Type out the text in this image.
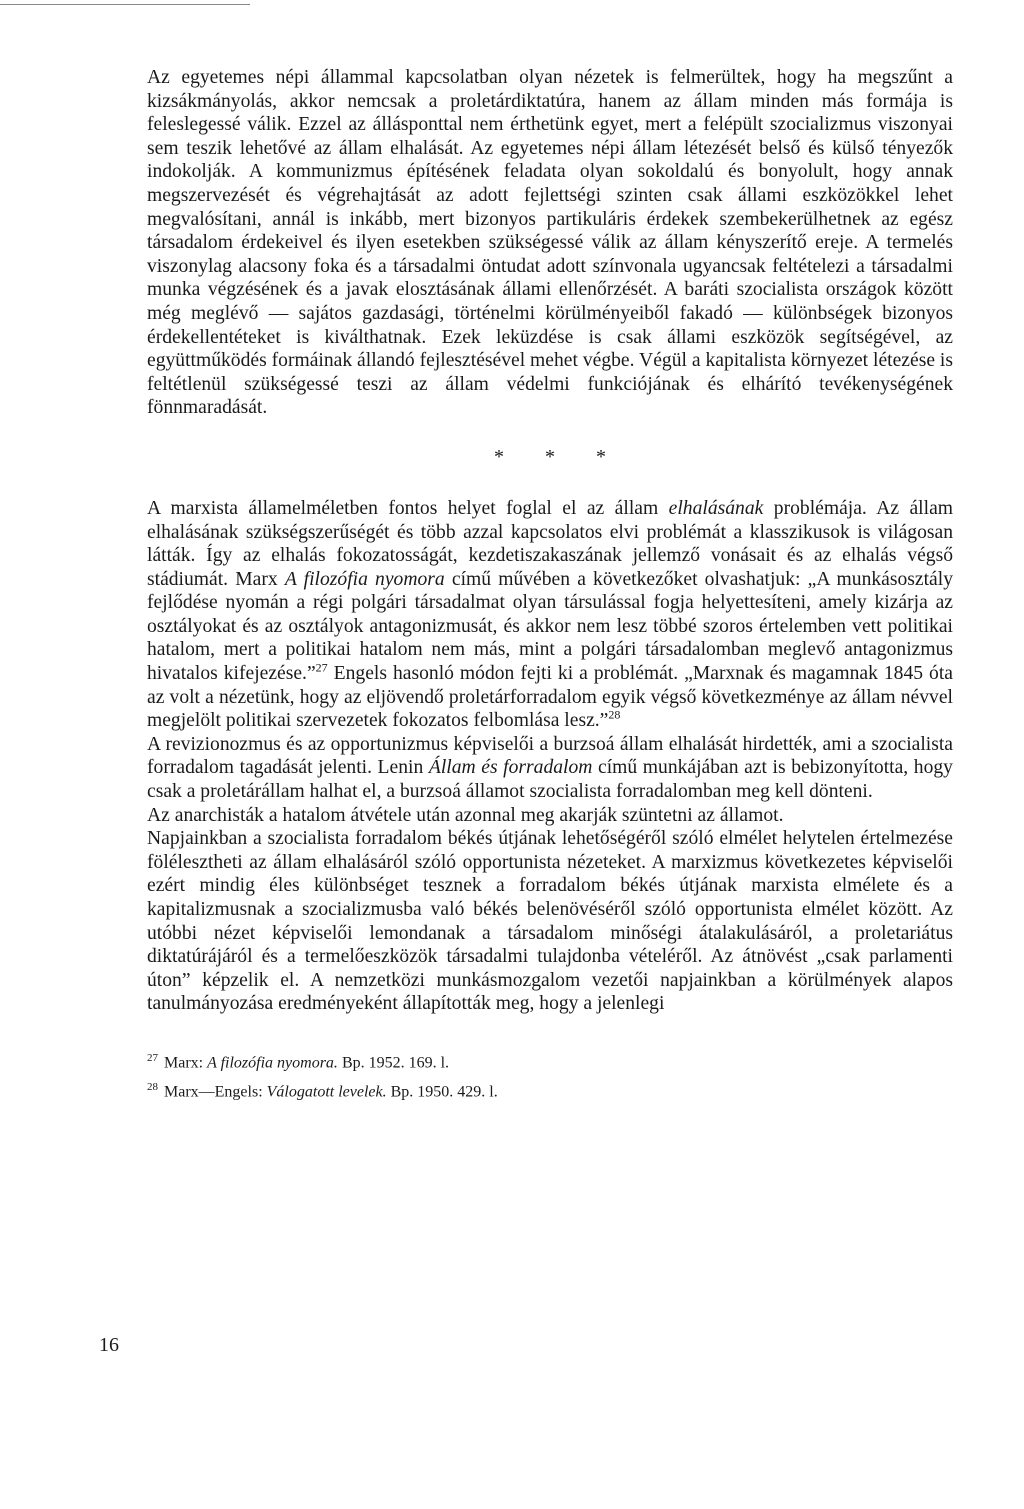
Az egyetemes népi állammal kapcsolatban olyan nézetek is felmerültek, hogy ha megszűnt a kizsákmányolás, akkor nemcsak a proletárdiktatúra, hanem az állam minden más formája is feleslegessé válik. Ezzel az állásponttal nem érthetünk egyet, mert a felépült szocializmus viszonyai sem teszik lehetővé az állam elhalását. Az egyetemes népi állam létezését belső és külső tényezők indokolják. A kommunizmus építésének feladata olyan sokoldalú és bonyolult, hogy annak megszervezését és végrehajtását az adott fejlettségi szinten csak állami eszközökkel lehet megvalósítani, annál is inkább, mert bizonyos partikuláris érdekek szembekerülhetnek az egész társadalom érdekeivel és ilyen esetekben szükségessé válik az állam kényszerítő ereje. A termelés viszonylag alacsony foka és a társadalmi öntudat adott színvonala ugyancsak feltételezi a társadalmi munka végzésének és a javak elosztásának állami ellenőrzését. A baráti szocialista országok között még meglévő — sajátos gazdasági, történelmi körülményeiből fakadó — különbségek bizonyos érdekellentéteket is kiválthatnak. Ezek leküzdése is csak állami eszközök segítségével, az együttműködés formáinak állandó fejlesztésével mehet végbe. Végül a kapitalista környezet létezése is feltétlenül szükségessé teszi az állam védelmi funkciójának és elhárító tevékenységének fönnmaradását.

* * *

A marxista államelméletben fontos helyet foglal el az állam elhalásának problémája. Az állam elhalásának szükségszerűségét és több azzal kapcsolatos elvi problémát a klasszikusok is világosan látták. Így az elhalás fokozatosságát, kezdetiszakaszának jellemző vonásait és az elhalás végső stádiumát. Marx A filozófia nyomora című művében a következőket olvashatjuk: „A munkásosztály fejlődése nyomán a régi polgári társadalmat olyan társulással fogja helyettesíteni, amely kizárja az osztályokat és az osztályok antagonizmusát, és akkor nem lesz többé szoros értelemben vett politikai hatalom, mert a politikai hatalom nem más, mint a polgári társadalomban meglevő antagonizmus hivatalos kifejezése.”$^{27}$ Engels hasonló módon fejti ki a problémát. „Marxnak és magamnak 1845 óta az volt a nézetünk, hogy az eljövendő proletárforradalom egyik végső következménye az állam névvel megjelölt politikai szervezetek fokozatos felbomlása lesz.”$^{28}$

A revizionozmus és az opportunizmus képviselői a burzsoá állam elhalását hirdették, ami a szocialista forradalom tagadását jelenti. Lenin Állam és forradalom című munkájában azt is bebizonyította, hogy csak a proletárállam halhat el, a burzsoá államot szocialista forradalomban meg kell dönteni.

Az anarchisták a hatalom átvétele után azonnal meg akarják szüntetni az államot.

Napjainkban a szocialista forradalom békés útjának lehetőségéről szóló elmélet helytelen értelmezése fölélesztheti az állam elhalásáról szóló opportunista nézeteket. A marxizmus következetes képviselői ezért mindig éles különbséget tesznek a forradalom békés útjának marxista elmélete és a kapitalizmusnak a szocializmusba való békés belenövéséről szóló opportunista elmélet között. Az utóbbi nézet képviselői lemondanak a társadalom minőségi átalakulásáról, a proletariátus diktatúrájáról és a termelőeszközök társadalmi tulajdonba vételéről. Az átnövést „csak parlamenti úton” képzelik el. A nemzetközi munkásmozgalom vezetői napjainkban a körülmények alapos tanulmányozása eredményeként állapították meg, hogy a jelenlegi

$^{27}$ Marx: A filozófia nyomora. Bp. 1952. 169. l.
$^{28}$ Marx—Engels: Válogatott levelek. Bp. 1950. 429. l.
16
